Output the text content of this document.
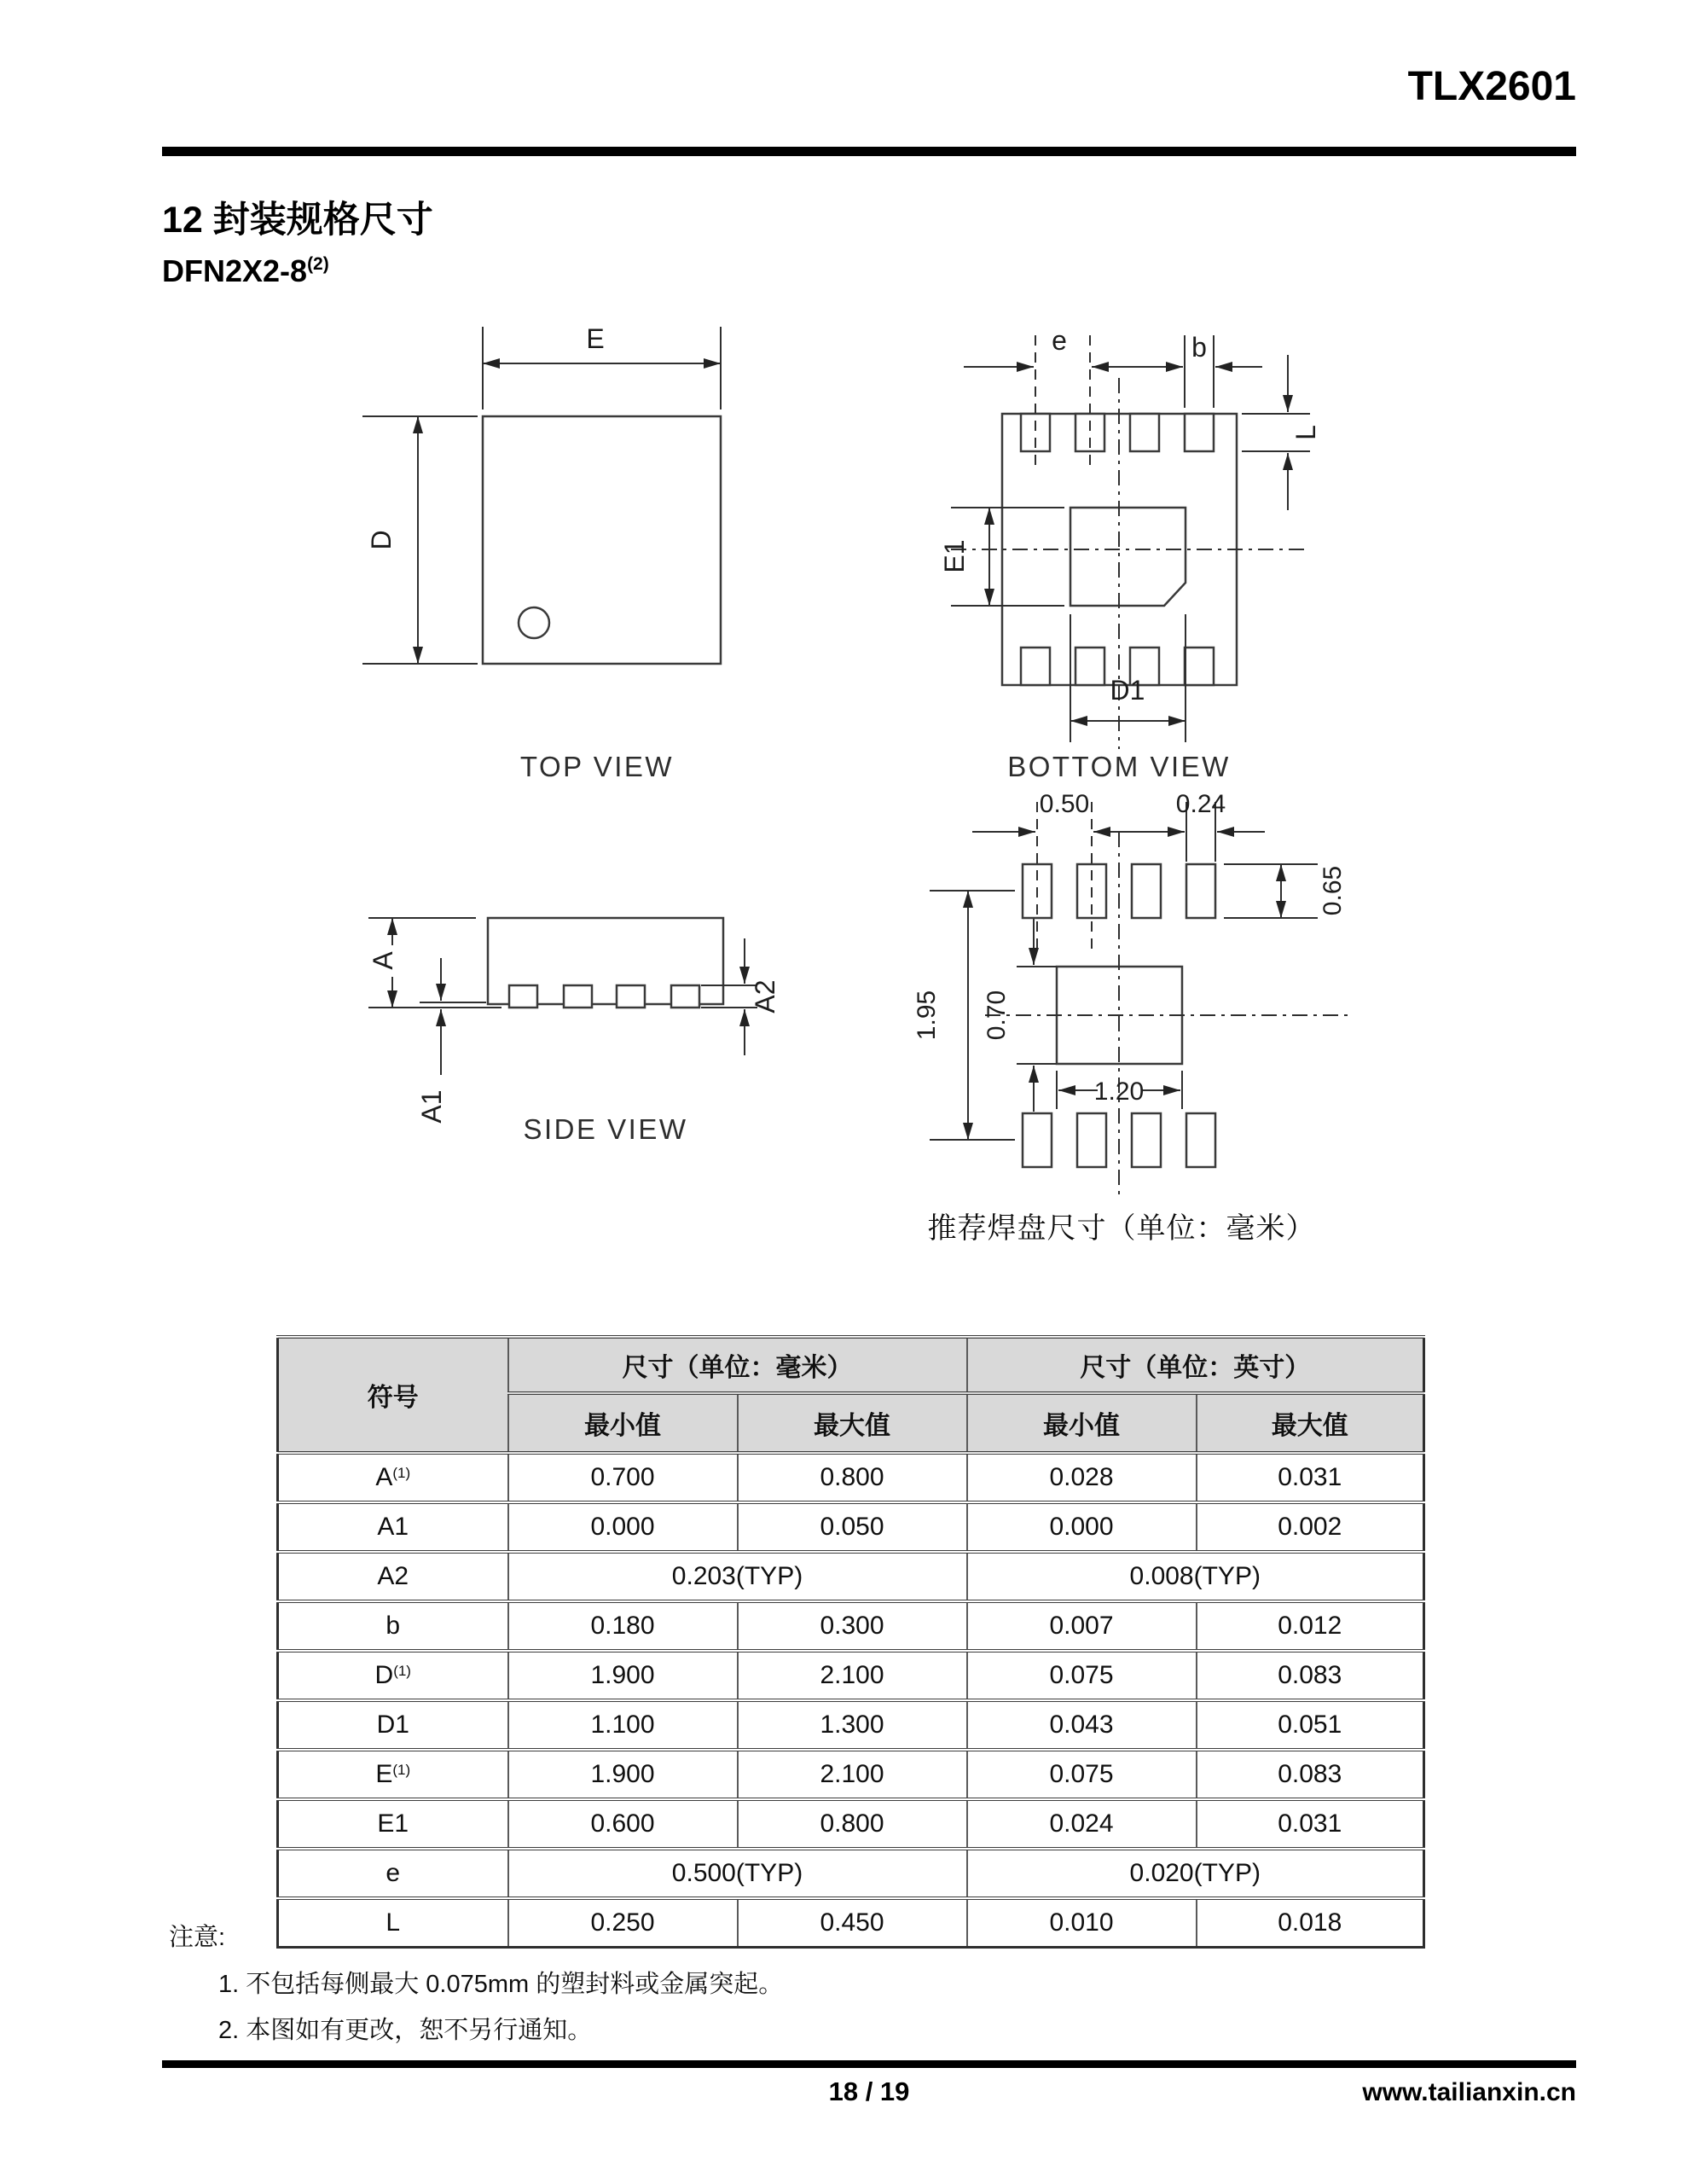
TLX2601
12 封装规格尺寸
DFN2X2-8$^{(2)}$
E
D
TOP VIEW
e	b
L
E1
D1
BOTTOM VIEW
A
A1
A2
SIDE VIEW
0.50	0.24
0.65
1.95 0.70
1.20
推荐焊盘尺寸（单位：毫米）
符号	尺寸（单位：毫米）		尺寸（单位：英寸）	
	最小值	最大值	最小值	最大值
$A^{(1)}$	0.700	0.800	0.028	0.031
A1	0.000	0.050	0.000	0.002
A2	0.203(TYP)		0.008(TYP)	
b	0.180	0.300	0.007	0.012
$D^{(1)}$	1.900	2.100	0.075	0.083
D1	1.100	1.300	0.043	0.051
$E^{(1)}$	1.900	2.100	0.075	0.083
E1	0.600	0.800	0.024	0.031
e	0.500(TYP)		0.020(TYP)	
L	0.250	0.450	0.010	0.018
注意:
1. 不包括每侧最大 0.075mm 的塑封料或金属突起。
2. 本图如有更改，恕不另行通知。
18 / 19	www.tailianxin.cn
